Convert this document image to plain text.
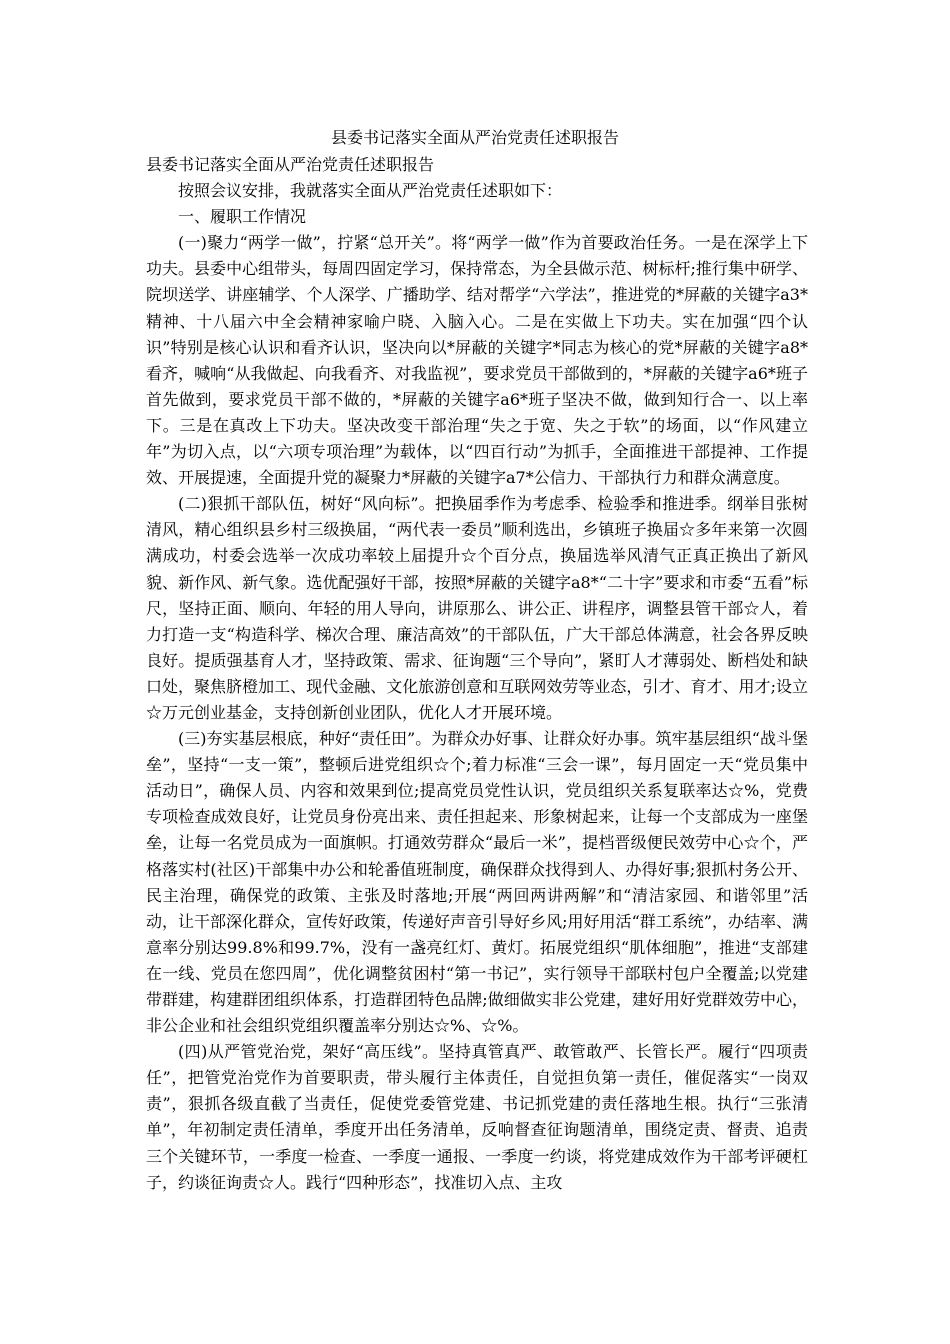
县委书记落实全面从严治党责任述职报告

县委书记落实全面从严治党责任述职报告

按照会议安排，我就落实全面从严治党责任述职如下：

一、履职工作情况

(一)聚力“两学一做”，拧紧“总开关”。将“两学一做”作为首要政治任务。一是在深学上下功夫。县委中心组带头，每周四固定学习，保持常态，为全县做示范、树标杆;推行集中研学、院坝送学、讲座辅学、个人深学、广播助学、结对帮学“六学法”，推进党的*屏蔽的关键字a3*精神、十八届六中全会精神家喻户晓、入脑入心。二是在实做上下功夫。实在加强“四个认识”特别是核心认识和看齐认识，坚决向以*屏蔽的关键字*同志为核心的党*屏蔽的关键字a8*看齐，喊响“从我做起、向我看齐、对我监视”，要求党员干部做到的，*屏蔽的关键字a6*班子首先做到，要求党员干部不做的，*屏蔽的关键字a6*班子坚决不做，做到知行合一、以上率下。三是在真改上下功夫。坚决改变干部治理“失之于宽、失之于软”的场面，以“作风建立年”为切入点，以“六项专项治理”为载体，以“四百行动”为抓手，全面推进干部提神、工作提效、开展提速，全面提升党的凝聚力*屏蔽的关键字a7*公信力、干部执行力和群众满意度。

(二)狠抓干部队伍，树好“风向标”。把换届季作为考虑季、检验季和推进季。纲举目张树清风，精心组织县乡村三级换届，“两代表一委员”顺利选出，乡镇班子换届☆多年来第一次圆满成功，村委会选举一次成功率较上届提升☆个百分点，换届选举风清气正真正换出了新风貌、新作风、新气象。选优配强好干部，按照*屏蔽的关键字a8*“二十字”要求和市委“五看”标尺，坚持正面、顺向、年轻的用人导向，讲原那么、讲公正、讲程序，调整县管干部☆人，着力打造一支“构造科学、梯次合理、廉洁高效”的干部队伍，广大干部总体满意，社会各界反映良好。提质强基育人才，坚持政策、需求、征询题“三个导向”，紧盯人才薄弱处、断档处和缺口处，聚焦脐橙加工、现代金融、文化旅游创意和互联网效劳等业态，引才、育才、用才;设立☆万元创业基金，支持创新创业团队，优化人才开展环境。

(三)夯实基层根底，种好“责任田”。为群众办好事、让群众好办事。筑牢基层组织“战斗堡垒”，坚持“一支一策”，整顿后进党组织☆个;着力标准“三会一课”，每月固定一天“党员集中活动日”，确保人员、内容和效果到位;提高党员党性认识，党员组织关系复联率达☆%，党费专项检查成效良好，让党员身份亮出来、责任担起来、形象树起来，让每一个支部成为一座堡垒，让每一名党员成为一面旗帜。打通效劳群众“最后一米”，提档晋级便民效劳中心☆个，严格落实村(社区)干部集中办公和轮番值班制度，确保群众找得到人、办得好事;狠抓村务公开、民主治理，确保党的政策、主张及时落地;开展“两回两讲两解”和“清洁家园、和谐邻里”活动，让干部深化群众，宣传好政策，传递好声音引导好乡风;用好用活“群工系统”，办结率、满意率分别达99.8%和99.7%，没有一盏亮红灯、黄灯。拓展党组织“肌体细胞”，推进“支部建在一线、党员在您四周”，优化调整贫困村“第一书记”，实行领导干部联村包户全覆盖;以党建带群建，构建群团组织体系，打造群团特色品牌;做细做实非公党建，建好用好党群效劳中心，非公企业和社会组织党组织覆盖率分别达☆%、☆%。

(四)从严管党治党，架好“高压线”。坚持真管真严、敢管敢严、长管长严。履行“四项责任”，把管党治党作为首要职责，带头履行主体责任，自觉担负第一责任，催促落实“一岗双责”，狠抓各级直截了当责任，促使党委管党建、书记抓党建的责任落地生根。执行“三张清单”，年初制定责任清单，季度开出任务清单，反响督查征询题清单，围绕定责、督责、追责三个关键环节，一季度一检查、一季度一通报、一季度一约谈，将党建成效作为干部考评硬杠子，约谈征询责☆人。践行“四种形态”，找准切入点、主攻
